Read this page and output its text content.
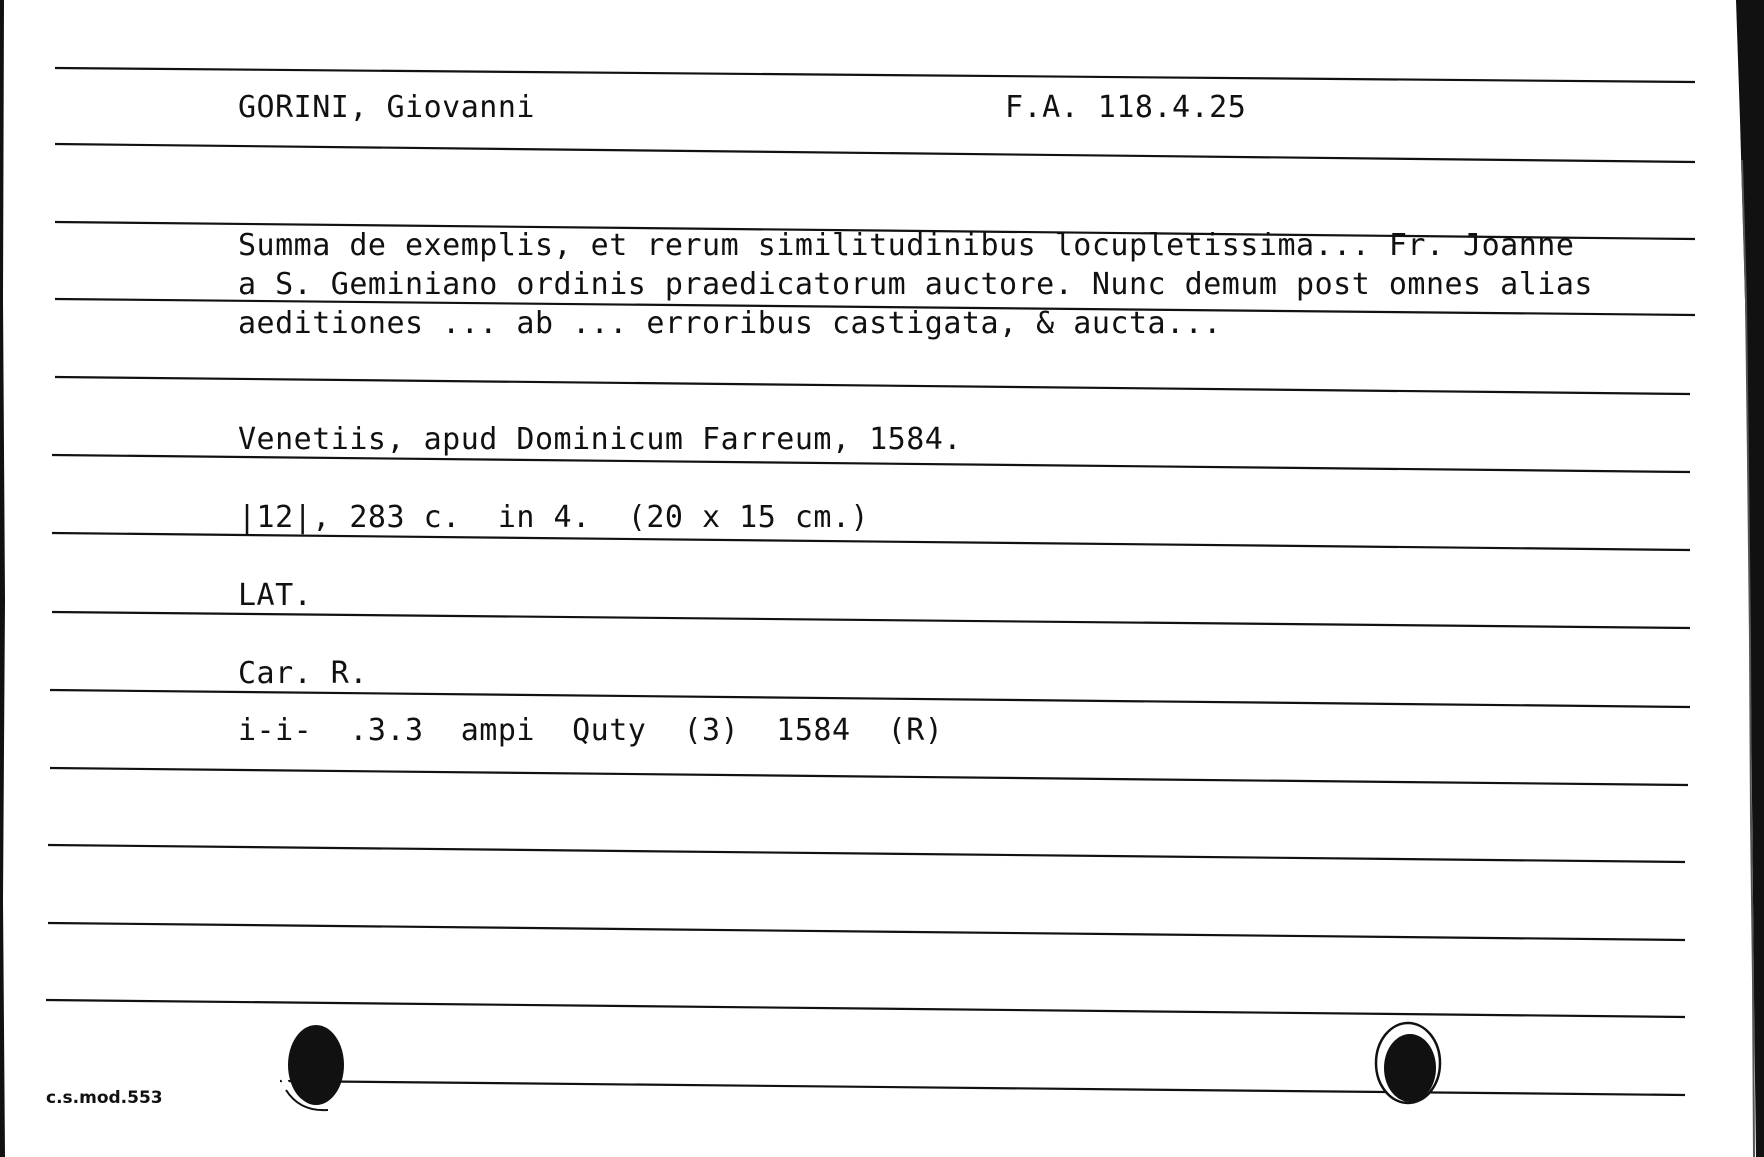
GORINI, Giovanni	F.A. 118.4.25
Summa de exemplis, et rerum similitudinibus locupletissima... Fr. Joanne
a S. Geminiano ordinis praedicatorum auctore. Nunc demum post omnes alias
aeditiones ... ab ... erroribus castigata, & aucta...
Venetiis, apud Dominicum Farreum, 1584.
|12|, 283 c.  in 4.  (20 x 15 cm.)
LAT.
Car. R.
i-i-  .3.3  ampi  Quty  (3)  1584  (R)
c.s.mod.553
